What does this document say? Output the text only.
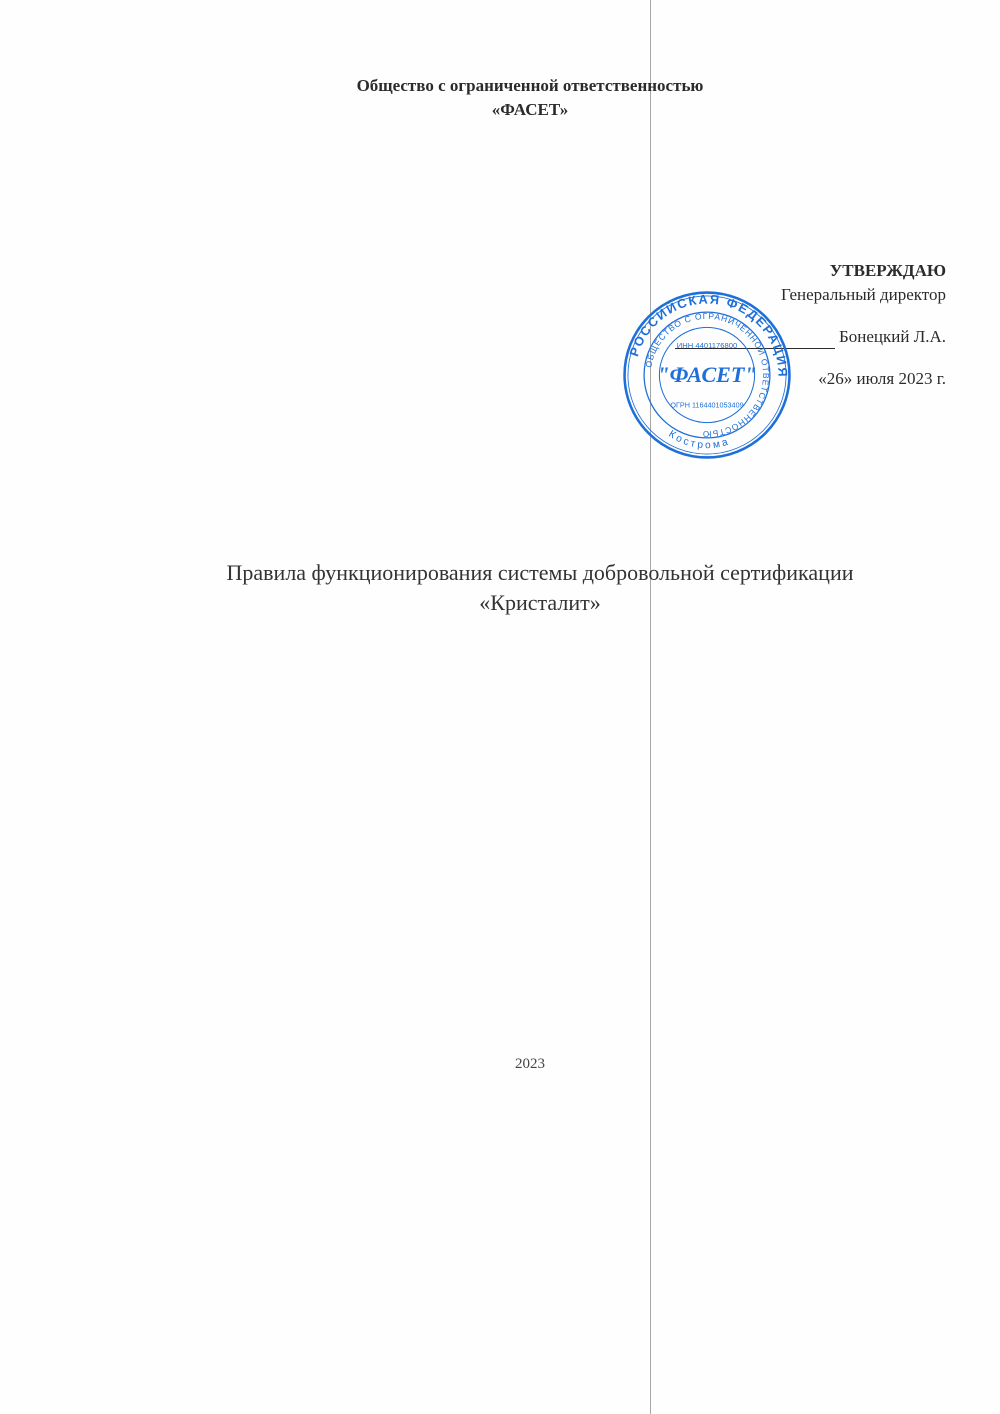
Общество с ограниченной ответственностью
«ФАСЕТ»
УТВЕРЖДАЮ
Генеральный директор
Бонецкий Л.А.
«26» июля 2023 г.
РОССИЙСКАЯ ФЕДЕРАЦИЯ
ОБЩЕСТВО С ОГРАНИЧЕННОЙ ОТВЕТСТВЕННОСТЬЮ
Кострома
ИНН 4401176800
"ФАСЕТ"
ОГРН 1164401053409
Правила функционирования системы добровольной сертификации
«Кристалит»
2023
